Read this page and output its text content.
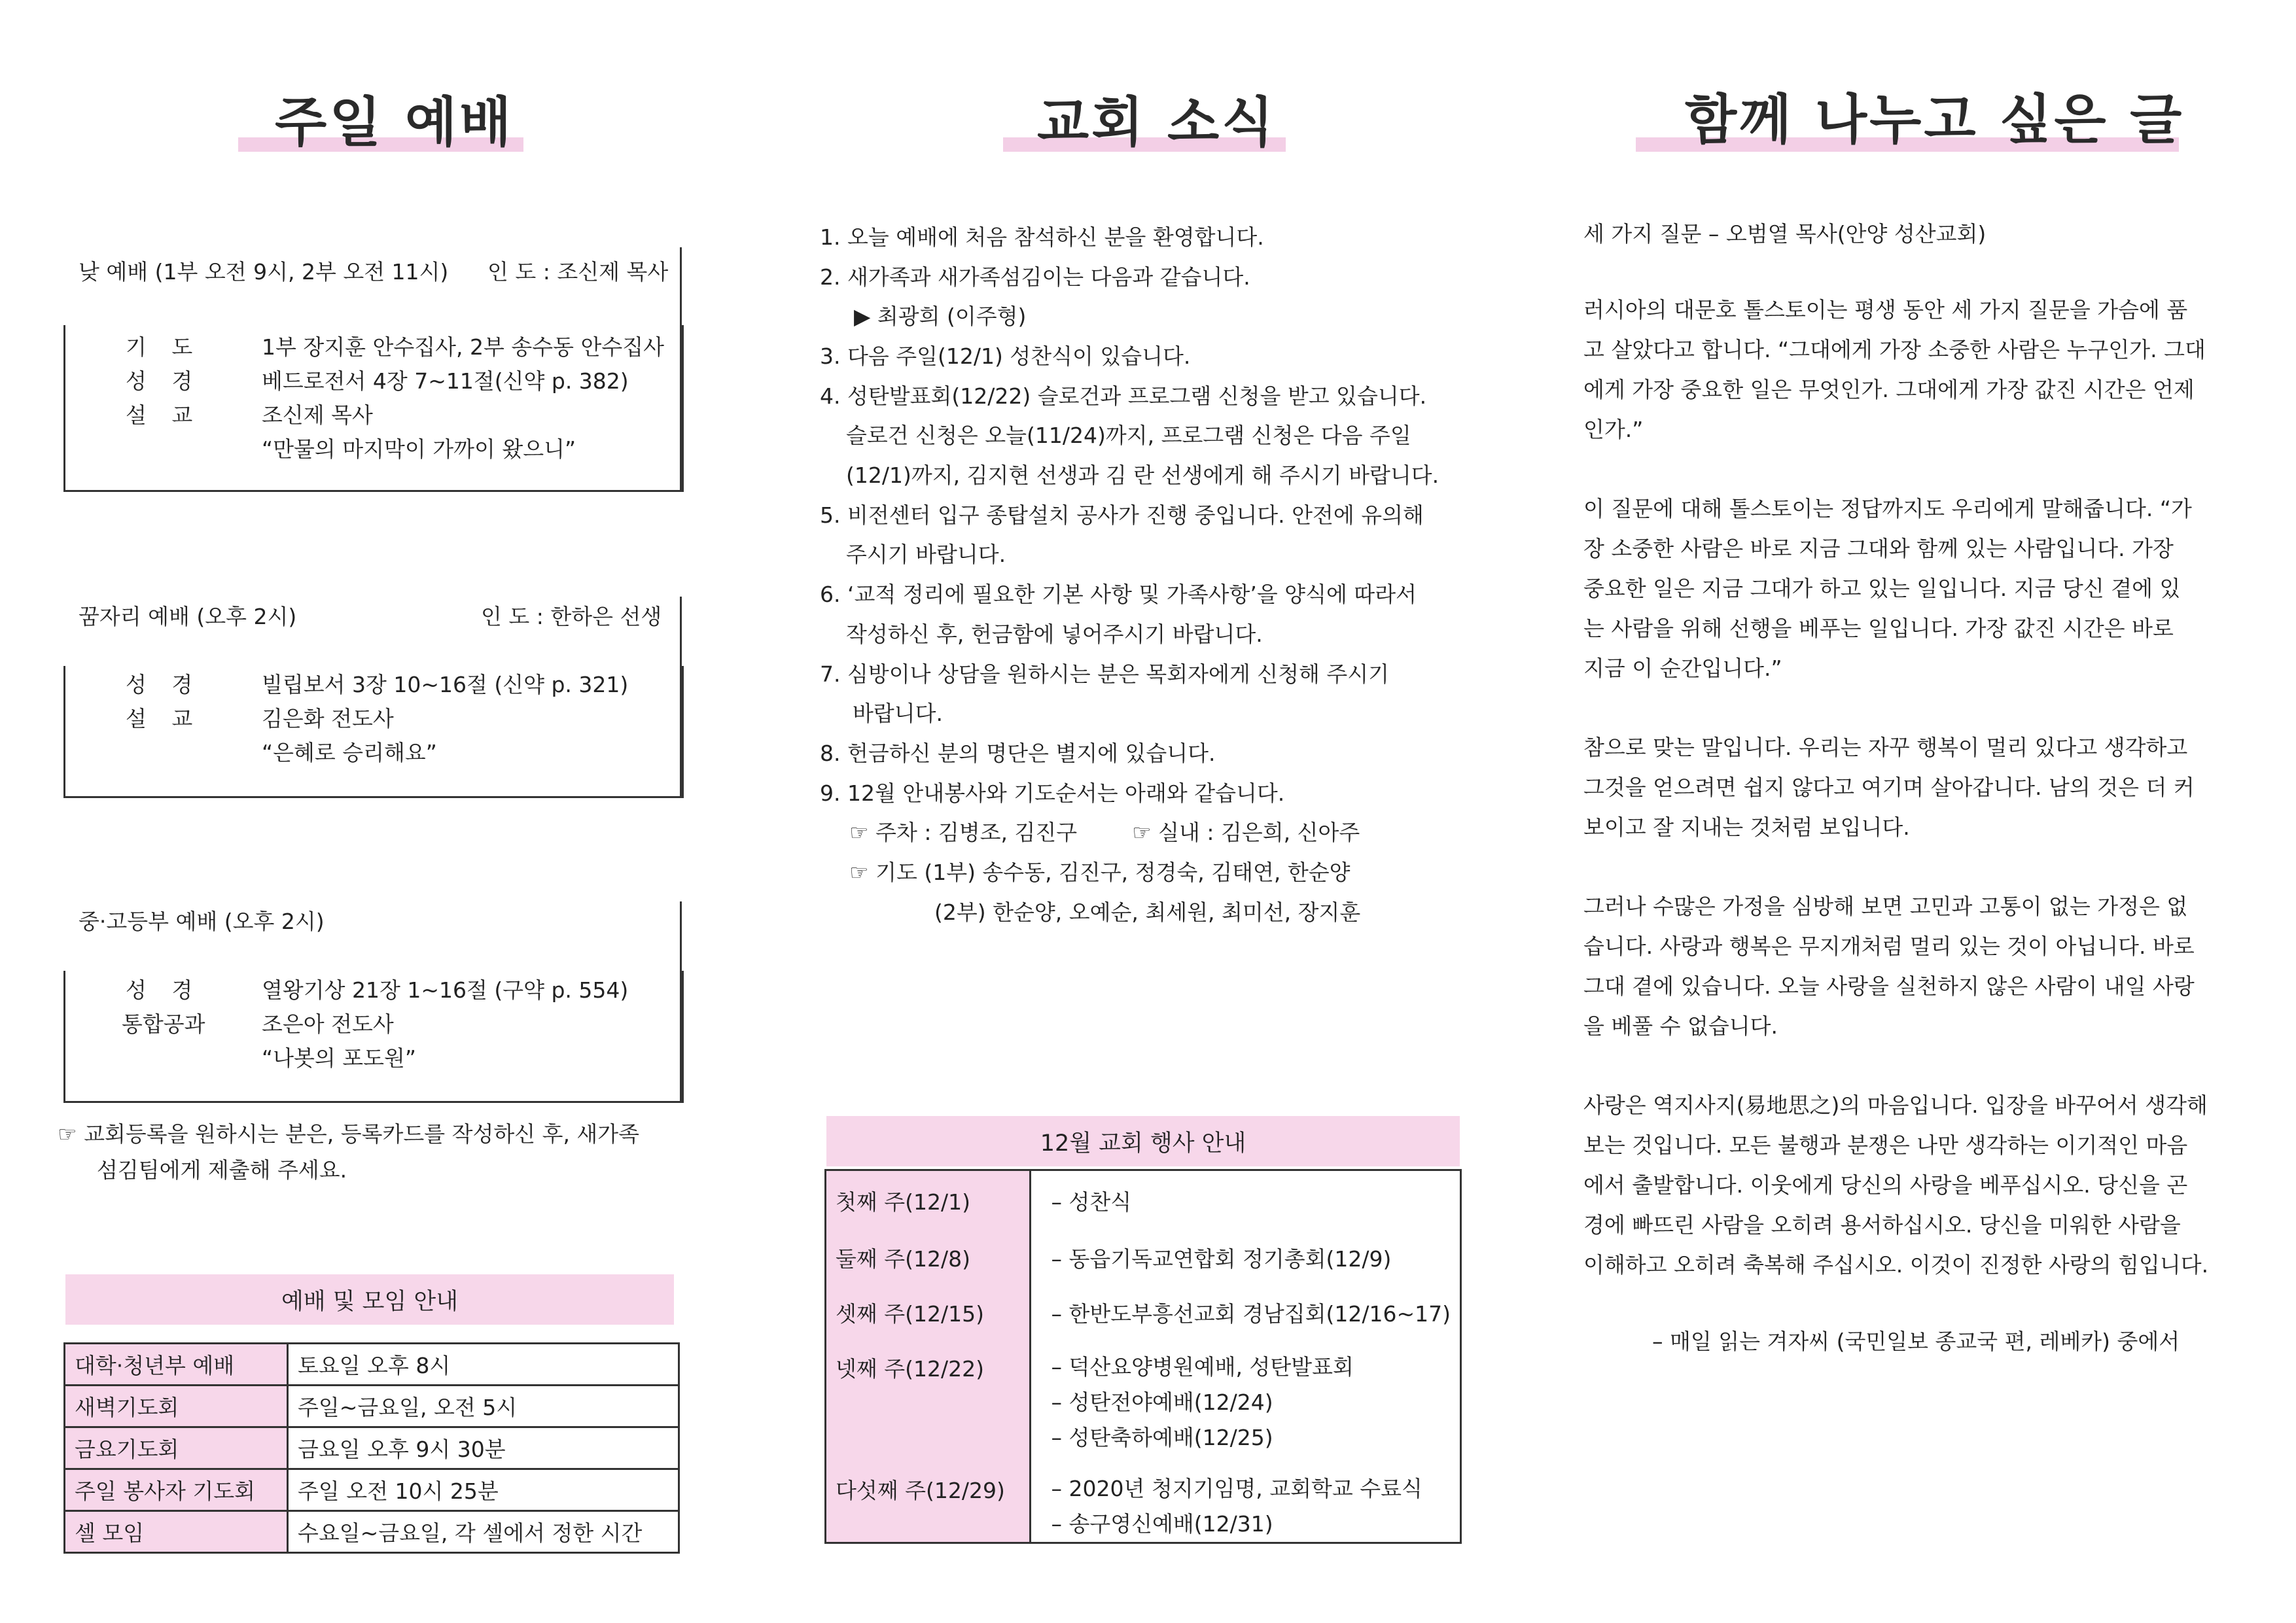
주일 예배
낮 예배 (1부 오전 9시, 2부 오전 11시) 인 도 : 조신제 목사
기 도	1부 장지훈 안수집사, 2부 송수동 안수집사
성 경	베드로전서 4장 7~11절(신약 p. 382)
설 교	조신제 목사
“만물의 마지막이 가까이 왔으니”
꿈자리 예배 (오후 2시)	인 도 : 한하은 선생
성 경	빌립보서 3장 10~16절 (신약 p. 321)
설 교	김은화 전도사
“은혜로 승리해요”
중·고등부 예배 (오후 2시)
성 경	열왕기상 21장 1~16절 (구약 p. 554)
통합공과	조은아 전도사
“나봇의 포도원”
☞ 교회등록을 원하시는 분은, 등록카드를 작성하신 후, 새가족
섬김팀에게 제출해 주세요.
예배 및 모임 안내
대학·청년부 예배	토요일 오후 8시
새벽기도회	주일~금요일, 오전 5시
금요기도회	금요일 오후 9시 30분
주일 봉사자 기도회	주일 오전 10시 25분
셀 모임	수요일~금요일, 각 셀에서 정한 시간
교회 소식
1. 오늘 예배에 처음 참석하신 분을 환영합니다.
2. 새가족과 새가족섬김이는 다음과 같습니다.
▶ 최광희 (이주형)
3. 다음 주일(12/1) 성찬식이 있습니다.
4. 성탄발표회(12/22) 슬로건과 프로그램 신청을 받고 있습니다.
슬로건 신청은 오늘(11/24)까지, 프로그램 신청은 다음 주일
(12/1)까지, 김지현 선생과 김 란 선생에게 해 주시기 바랍니다.
5. 비전센터 입구 종탑설치 공사가 진행 중입니다. 안전에 유의해
주시기 바랍니다.
6. ‘교적 정리에 필요한 기본 사항 및 가족사항’을 양식에 따라서
작성하신 후, 헌금함에 넣어주시기 바랍니다.
7. 심방이나 상담을 원하시는 분은 목회자에게 신청해 주시기
바랍니다.
8. 헌금하신 분의 명단은 별지에 있습니다.
9. 12월 안내봉사와 기도순서는 아래와 같습니다.
☞ 주차 : 김병조, 김진구        ☞ 실내 : 김은희, 신아주
☞ 기도 (1부) 송수동, 김진구, 정경숙, 김태연, 한순양
(2부) 한순양, 오예순, 최세원, 최미선, 장지훈
12월 교회 행사 안내
첫째 주(12/1)	– 성찬식

둘째 주(12/8)	– 동읍기독교연합회 정기총회(12/9)

셋째 주(12/15)	– 한반도부흥선교회 경남집회(12/16~17)

넷째 주(12/22)	– 덕산요양병원예배, 성탄발표회
– 성탄전야예배(12/24)
– 성탄축하예배(12/25)

다섯째 주(12/29)	– 2020년 청지기임명, 교회학교 수료식
– 송구영신예배(12/31)
함께 나누고 싶은 글
세 가지 질문 – 오범열 목사(안양 성산교회)
러시아의 대문호 톨스토이는 평생 동안 세 가지 질문을 가슴에 품
고 살았다고 합니다. “그대에게 가장 소중한 사람은 누구인가. 그대
에게 가장 중요한 일은 무엇인가. 그대에게 가장 값진 시간은 언제
인가.”
이 질문에 대해 톨스토이는 정답까지도 우리에게 말해줍니다. “가
장 소중한 사람은 바로 지금 그대와 함께 있는 사람입니다. 가장
중요한 일은 지금 그대가 하고 있는 일입니다. 지금 당신 곁에 있
는 사람을 위해 선행을 베푸는 일입니다. 가장 값진 시간은 바로
지금 이 순간입니다.”
참으로 맞는 말입니다. 우리는 자꾸 행복이 멀리 있다고 생각하고
그것을 얻으려면 쉽지 않다고 여기며 살아갑니다. 남의 것은 더 커
보이고 잘 지내는 것처럼 보입니다.
그러나 수많은 가정을 심방해 보면 고민과 고통이 없는 가정은 없
습니다. 사랑과 행복은 무지개처럼 멀리 있는 것이 아닙니다. 바로
그대 곁에 있습니다. 오늘 사랑을 실천하지 않은 사람이 내일 사랑
을 베풀 수 없습니다.
사랑은 역지사지(易地思之)의 마음입니다. 입장을 바꾸어서 생각해
보는 것입니다. 모든 불행과 분쟁은 나만 생각하는 이기적인 마음
에서 출발합니다. 이웃에게 당신의 사랑을 베푸십시오. 당신을 곤
경에 빠뜨린 사람을 오히려 용서하십시오. 당신을 미워한 사람을
이해하고 오히려 축복해 주십시오. 이것이 진정한 사랑의 힘입니다.
– 매일 읽는 겨자씨 (국민일보 종교국 편, 레베카) 중에서
